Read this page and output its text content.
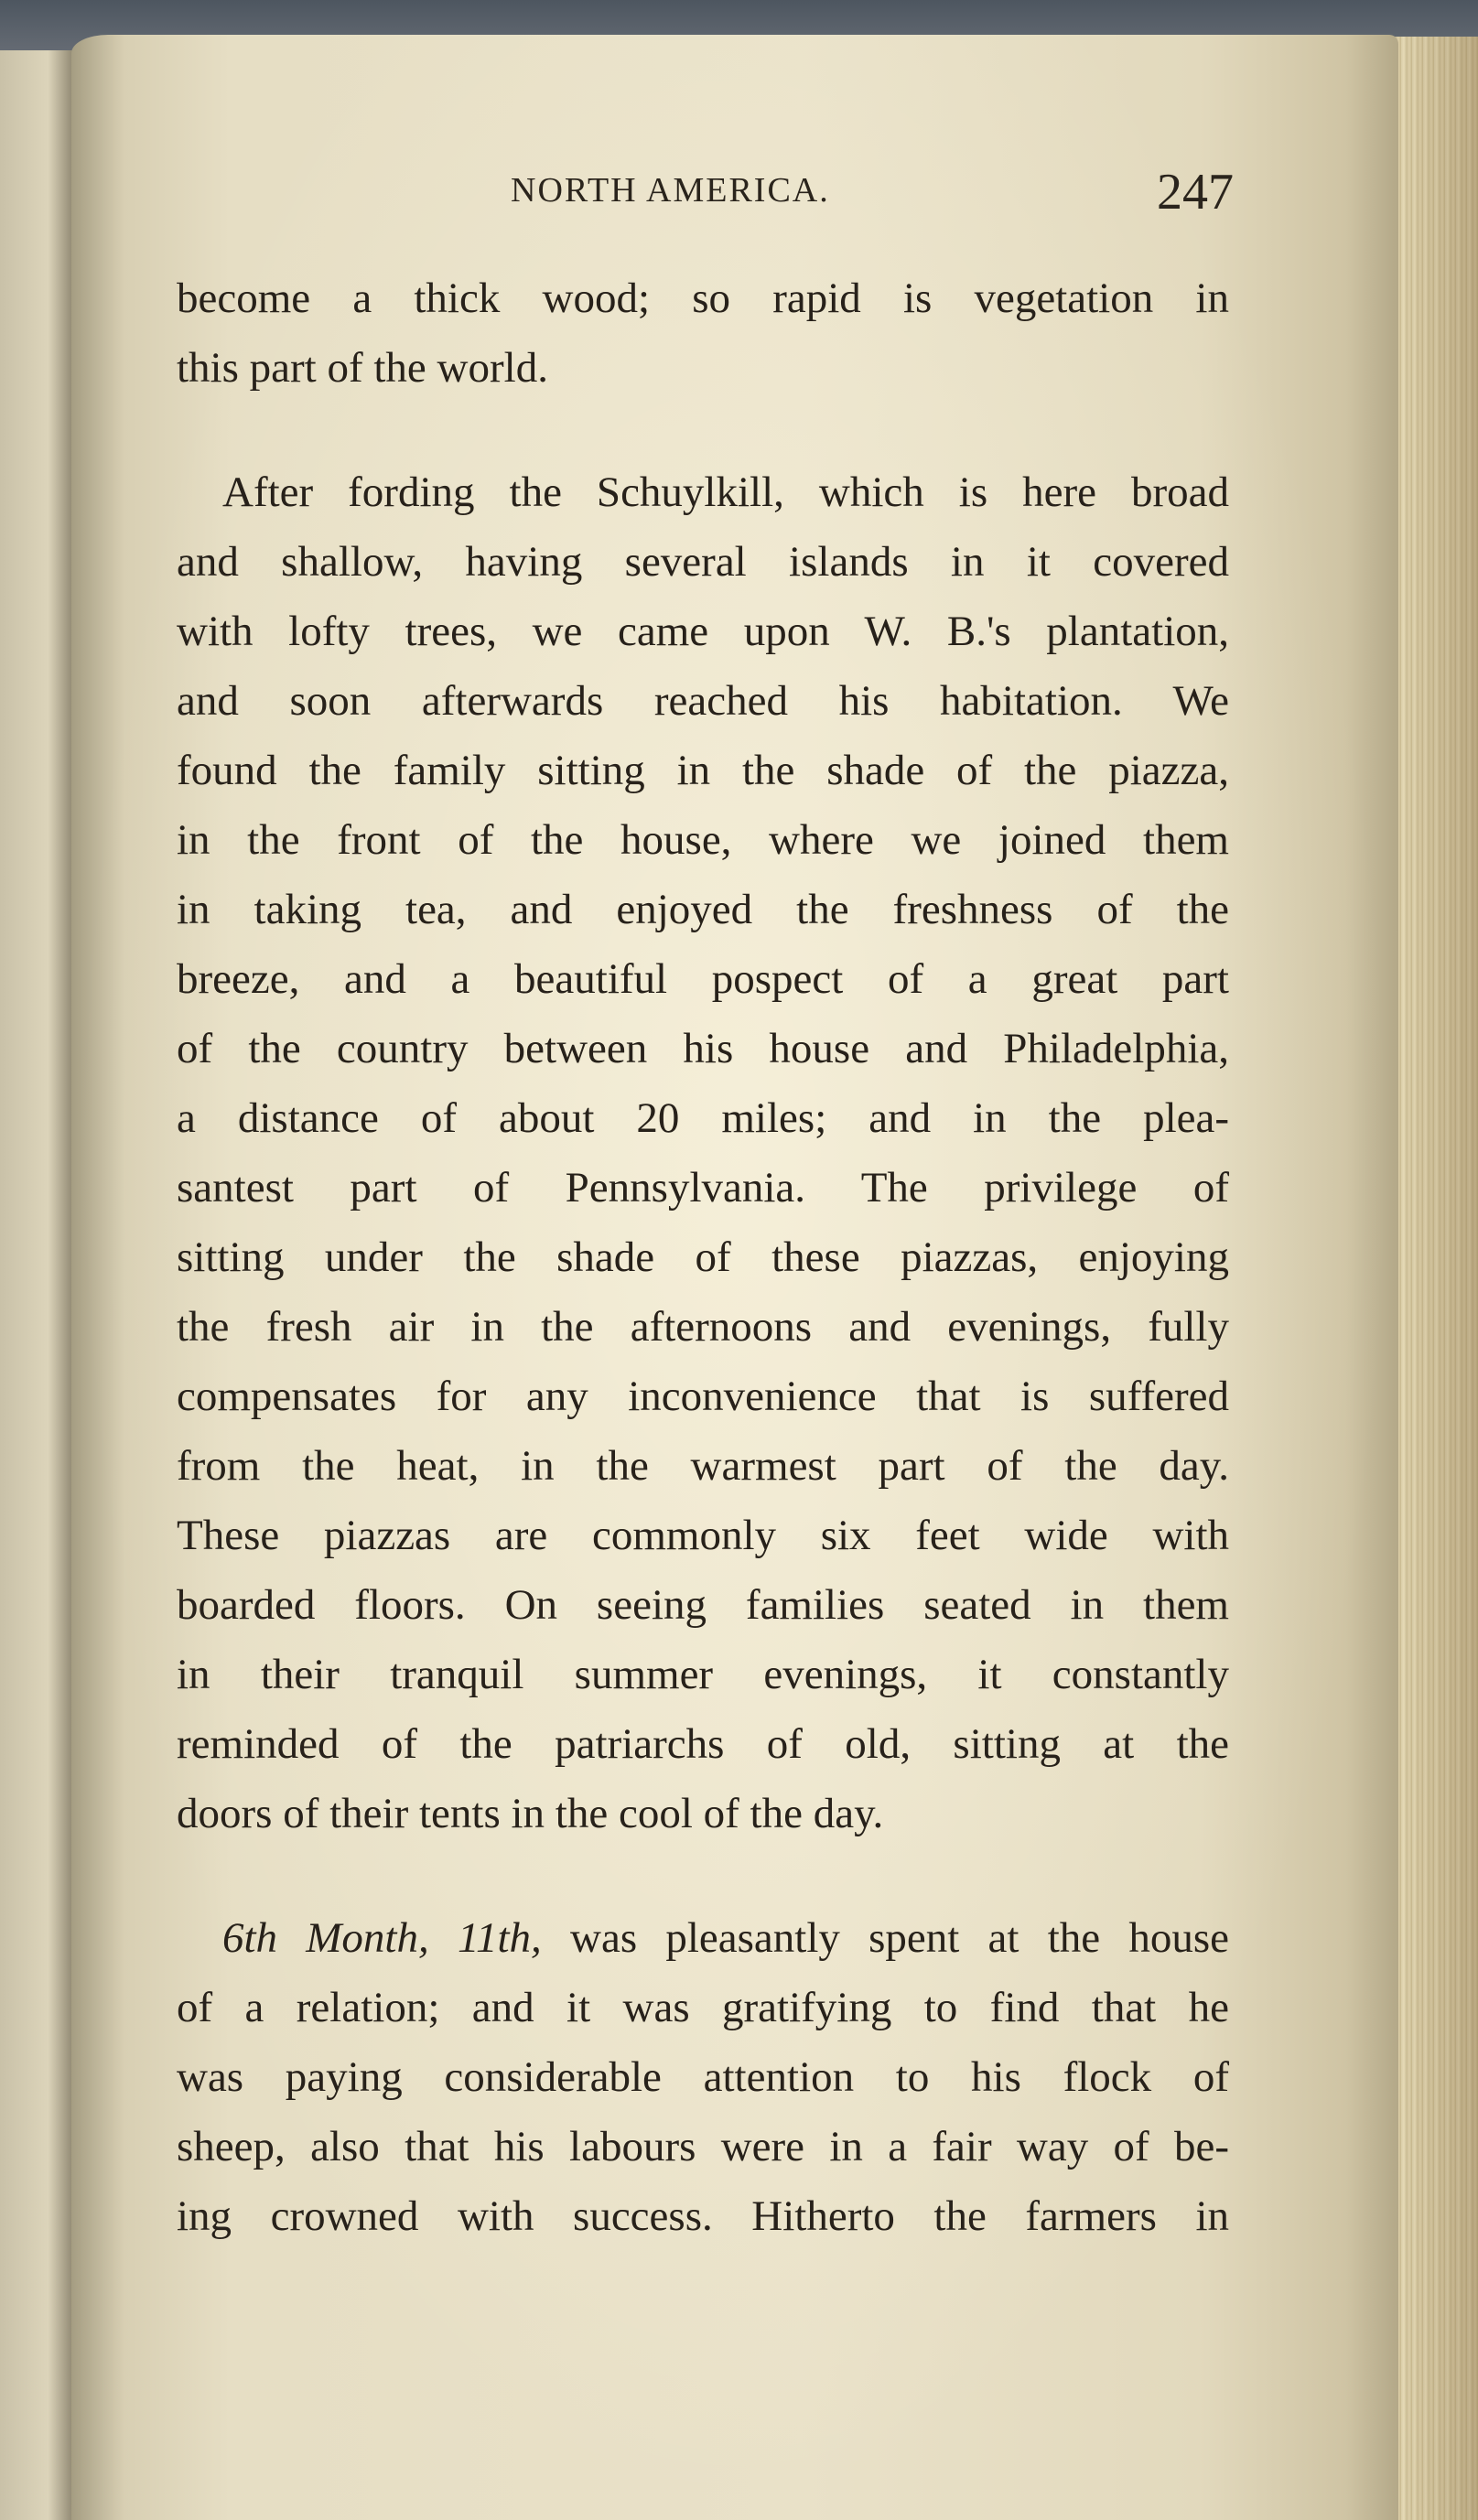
NORTH AMERICA.	247
become a thick wood; so rapid is vegetation in
this part of the world.
After fording the Schuylkill, which is here broad
and shallow, having several islands in it covered
with lofty trees, we came upon W. B.'s plantation,
and soon afterwards reached his habitation. We
found the family sitting in the shade of the piazza,
in the front of the house, where we joined them
in taking tea, and enjoyed the freshness of the
breeze, and a beautiful pospect of a great part
of the country between his house and Philadelphia,
a distance of about 20 miles; and in the plea-
santest part of Pennsylvania. The privilege of
sitting under the shade of these piazzas, enjoying
the fresh air in the afternoons and evenings, fully
compensates for any inconvenience that is suffered
from the heat, in the warmest part of the day.
These piazzas are commonly six feet wide with
boarded floors. On seeing families seated in them
in their tranquil summer evenings, it constantly
reminded of the patriarchs of old, sitting at the
doors of their tents in the cool of the day.
6th Month, 11th, was pleasantly spent at the house
of a relation; and it was gratifying to find that he
was paying considerable attention to his flock of
sheep, also that his labours were in a fair way of be-
ing crowned with success. Hitherto the farmers in
